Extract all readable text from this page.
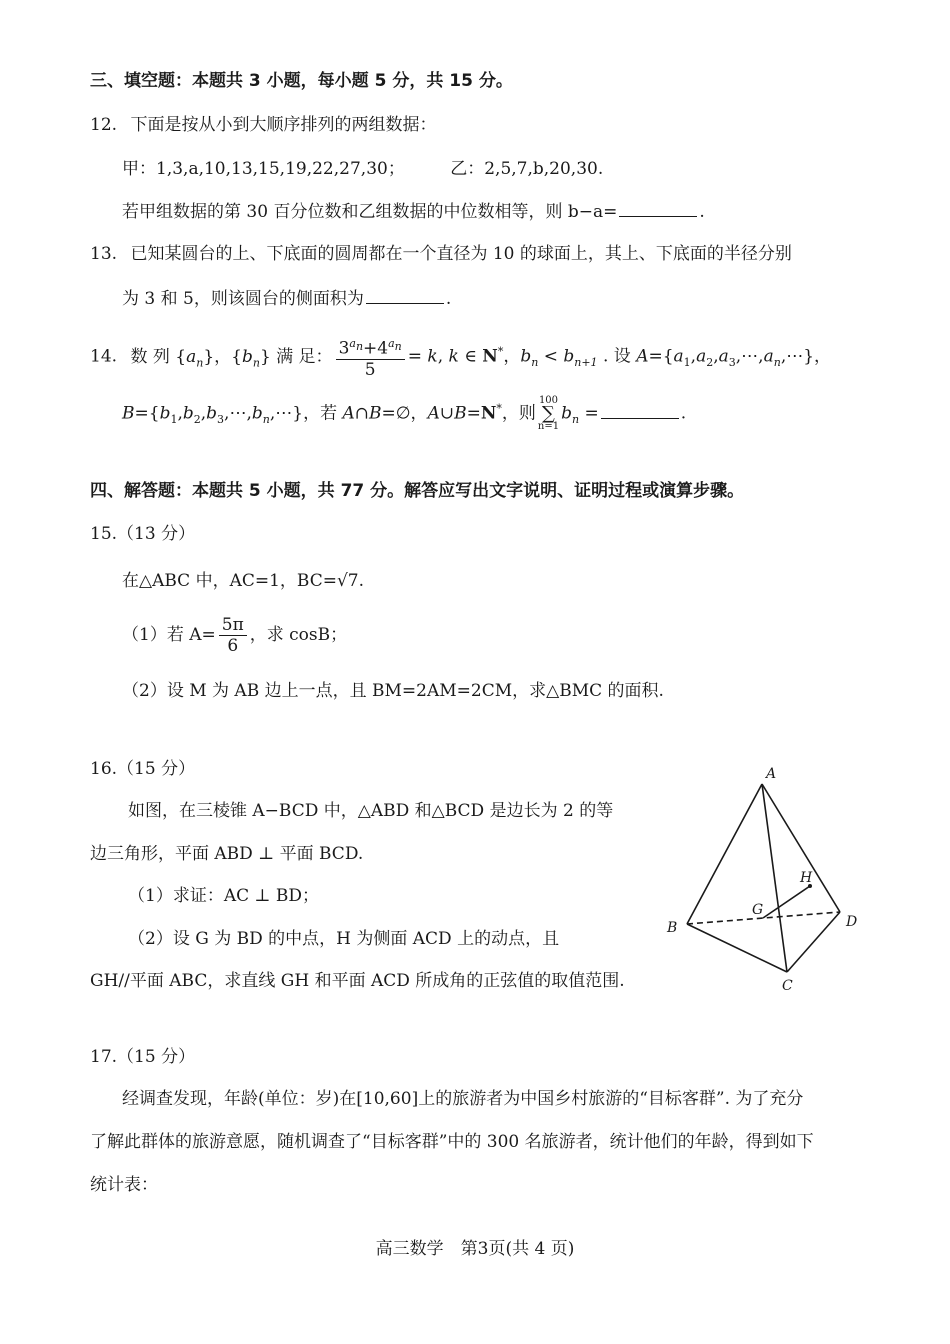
三、填空题：本题共 3 小题，每小题 5 分，共 15 分。
12. 下面是按从小到大顺序排列的两组数据：
甲：1,3,a,10,13,15,19,22,27,30；	乙：2,5,7,b,20,30.
若甲组数据的第 30 百分位数和乙组数据的中位数相等，则 b−a=	.
13. 已知某圆台的上、下底面的圆周都在一个直径为 10 的球面上，其上、下底面的半径分别
为 3 和 5，则该圆台的侧面积为	.
14. 数 列 $\{a_n\}$，$\{b_n\}$ 满 足： $\frac{3^{a_n}+4^{a_n}}{5} = k$, k ∈ N*，$b_n < b_{n+1}$ . 设 $A=\{a_1,a_2,a_3,\cdots,a_n,\cdots\}$，
$B=\{b_1,b_2,b_3,\cdots,b_n,\cdots\}$，若 A∩B=∅，A∪B=N*，则100
∑
$n=1b_n$ =	.
四、解答题：本题共 5 小题，共 77 分。解答应写出文字说明、证明过程或演算步骤。
15.（13 分）
在△ABC 中，AC=1，BC=√7.
（1）若 $A= \frac{5\pi}{6}$ ，求 cosB；
（2）设 M 为 AB 边上一点，且 BM=2AM=2CM，求△BMC 的面积.
16.（15 分）
如图，在三棱锥 A−BCD 中，△ABD 和△BCD 是边长为 2 的等
边三角形，平面 ABD ⊥ 平面 BCD.
（1）求证：AC ⊥ BD；
（2）设 G 为 BD 的中点，H 为侧面 ACD 上的动点，且
GH//平面 ABC，求直线 GH 和平面 ACD 所成角的正弦值的取值范围.
A
B
C
D
G
H
17.（15 分）
经调查发现，年龄(单位：岁)在[10,60]上的旅游者为中国乡村旅游的“目标客群”. 为了充分
了解此群体的旅游意愿，随机调查了“目标客群”中的 300 名旅游者，统计他们的年龄，得到如下
统计表：
高三数学　第3页(共 4 页)
